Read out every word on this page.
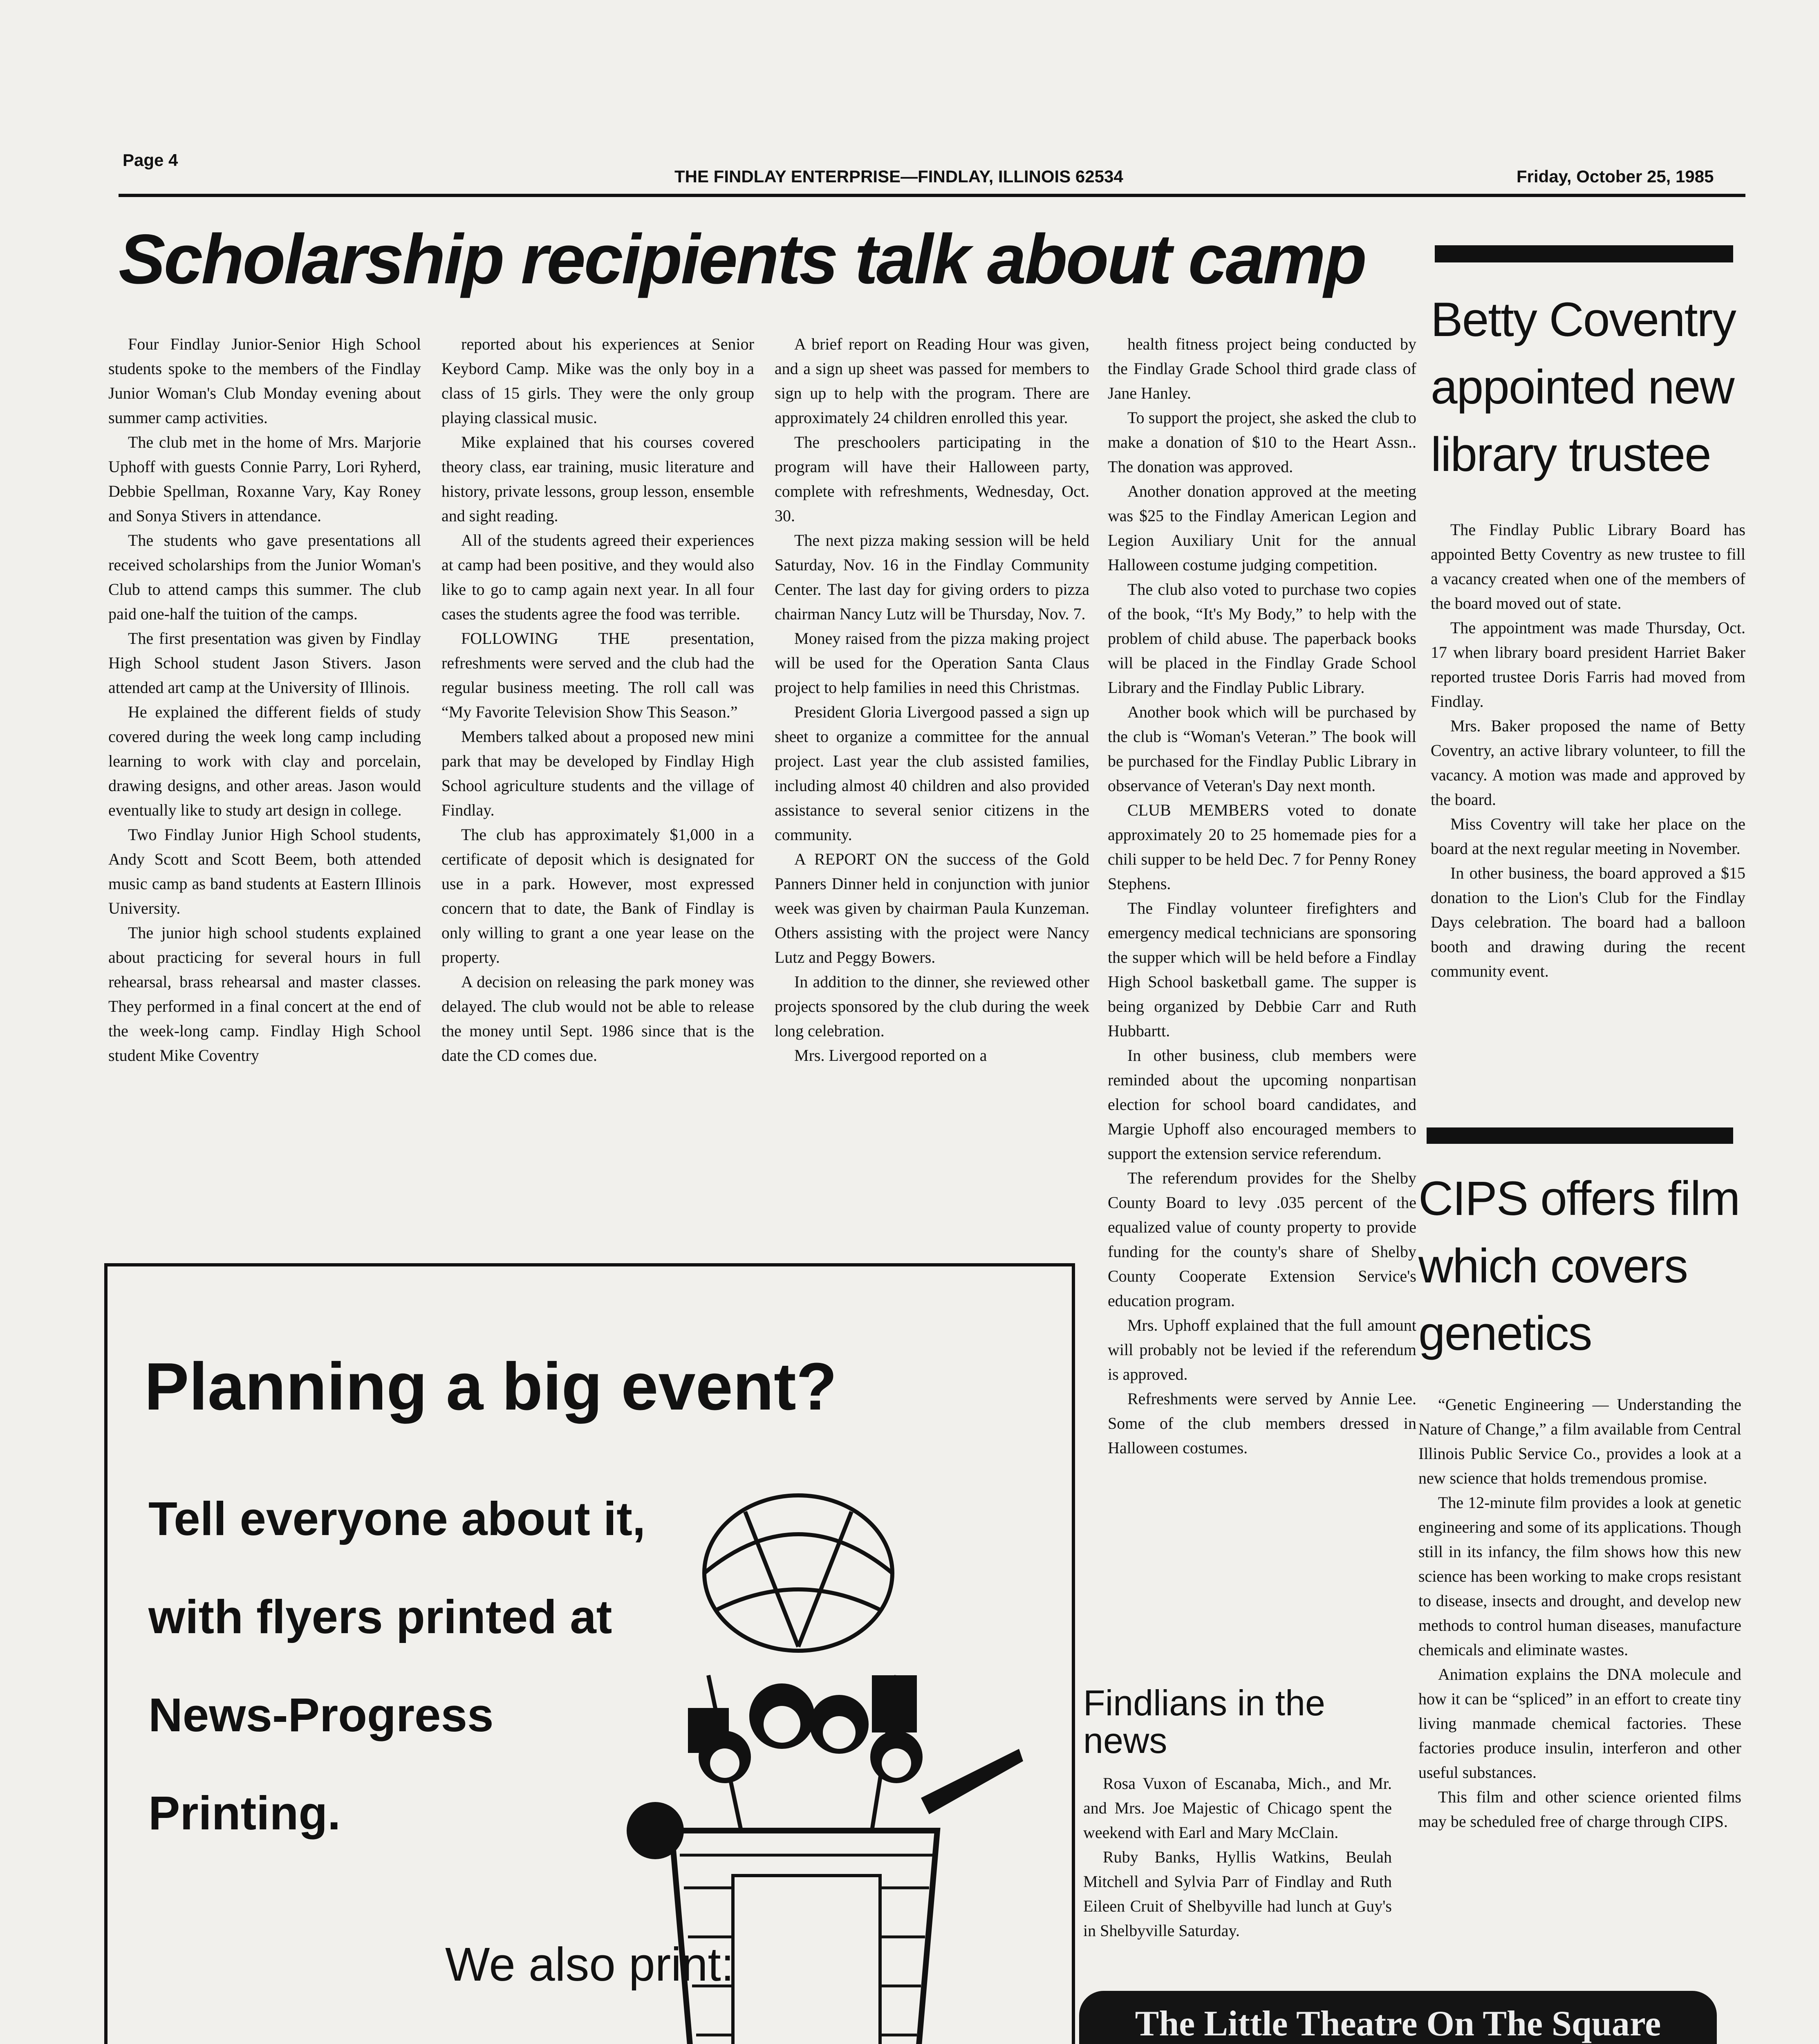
Page 4
THE FINDLAY ENTERPRISE—FINDLAY, ILLINOIS 62534	Friday, October 25, 1985
Scholarship recipients talk about camp

Four Findlay Junior-Senior High School students spoke to the members of the Findlay Junior Woman's Club Monday evening about summer camp activities.

The club met in the home of Mrs. Marjorie Uphoff with guests Connie Parry, Lori Ryherd, Debbie Spellman, Roxanne Vary, Kay Roney and Sonya Stivers in attendance.

The students who gave presentations all received scholarships from the Junior Woman's Club to attend camps this summer. The club paid one-half the tuition of the camps.

The first presentation was given by Findlay High School student Jason Stivers. Jason attended art camp at the University of Illinois.

He explained the different fields of study covered during the week long camp including learning to work with clay and porcelain, drawing designs, and other areas. Jason would eventually like to study art design in college.

Two Findlay Junior High School students, Andy Scott and Scott Beem, both attended music camp as band students at Eastern Illinois University.

The junior high school students explained about practicing for several hours in full rehearsal, brass rehearsal and master classes. They performed in a final concert at the end of the week-long camp. Findlay High School student Mike Coventry

reported about his experiences at Senior Keybord Camp. Mike was the only boy in a class of 15 girls. They were the only group playing classical music.

Mike explained that his courses covered theory class, ear training, music literature and history, private lessons, group lesson, ensemble and sight reading.

All of the students agreed their experiences at camp had been positive, and they would also like to go to camp again next year. In all four cases the students agree the food was terrible.

FOLLOWING THE presentation, refreshments were served and the club had the regular business meeting. The roll call was “My Favorite Television Show This Season.”

Members talked about a proposed new mini park that may be developed by Findlay High School agriculture students and the village of Findlay.

The club has approximately $1,000 in a certificate of deposit which is designated for use in a park. However, most expressed concern that to date, the Bank of Findlay is only willing to grant a one year lease on the property.

A decision on releasing the park money was delayed. The club would not be able to release the money until Sept. 1986 since that is the date the CD comes due.

A brief report on Reading Hour was given, and a sign up sheet was passed for members to sign up to help with the program. There are approximately 24 children enrolled this year.

The preschoolers participating in the program will have their Halloween party, complete with refreshments, Wednesday, Oct. 30.

The next pizza making session will be held Saturday, Nov. 16 in the Findlay Community Center. The last day for giving orders to pizza chairman Nancy Lutz will be Thursday, Nov. 7.

Money raised from the pizza making project will be used for the Operation Santa Claus project to help families in need this Christmas.

President Gloria Livergood passed a sign up sheet to organize a committee for the annual project. Last year the club assisted families, including almost 40 children and also provided assistance to several senior citizens in the community.

A REPORT ON the success of the Gold Panners Dinner held in conjunction with junior week was given by chairman Paula Kunzeman. Others assisting with the project were Nancy Lutz and Peggy Bowers.

In addition to the dinner, she reviewed other projects sponsored by the club during the week long celebration.

Mrs. Livergood reported on a

health fitness project being conducted by the Findlay Grade School third grade class of Jane Hanley.

To support the project, she asked the club to make a donation of $10 to the Heart Assn.. The donation was approved.

Another donation approved at the meeting was $25 to the Findlay American Legion and Legion Auxiliary Unit for the annual Halloween costume judging competition.

The club also voted to purchase two copies of the book, “It's My Body,” to help with the problem of child abuse. The paperback books will be placed in the Findlay Grade School Library and the Findlay Public Library.

Another book which will be purchased by the club is “Woman's Veteran.” The book will be purchased for the Findlay Public Library in observance of Veteran's Day next month.

CLUB MEMBERS voted to donate approximately 20 to 25 homemade pies for a chili supper to be held Dec. 7 for Penny Roney Stephens.

The Findlay volunteer firefighters and emergency medical technicians are sponsoring the supper which will be held before a Findlay High School basketball game. The supper is being organized by Debbie Carr and Ruth Hubbartt.

In other business, club members were reminded about the upcoming nonpartisan election for school board candidates, and Margie Uphoff also encouraged members to support the extension service referendum.

The referendum provides for the Shelby County Board to levy .035 percent of the equalized value of county property to provide funding for the county's share of Shelby County Cooperate Extension Service's education program.

Mrs. Uphoff explained that the full amount will probably not be levied if the referendum is approved.

Refreshments were served by Annie Lee. Some of the club members dressed in Halloween costumes.

Findlians in the news

Rosa Vuxon of Escanaba, Mich., and Mr. and Mrs. Joe Majestic of Chicago spent the weekend with Earl and Mary McClain.

Ruby Banks, Hyllis Watkins, Beulah Mitchell and Sylvia Parr of Findlay and Ruth Eileen Cruit of Shelbyville had lunch at Guy's in Shelbyville Saturday.

Betty Coventry appointed new library trustee

The Findlay Public Library Board has appointed Betty Coventry as new trustee to fill a vacancy created when one of the members of the board moved out of state.

The appointment was made Thursday, Oct. 17 when library board president Harriet Baker reported trustee Doris Farris had moved from Findlay.

Mrs. Baker proposed the name of Betty Coventry, an active library volunteer, to fill the vacancy. A motion was made and approved by the board.

Miss Coventry will take her place on the board at the next regular meeting in November.

In other business, the board approved a $15 donation to the Lion's Club for the Findlay Days celebration. The board had a balloon booth and drawing during the recent community event.

CIPS offers film which covers genetics

“Genetic Engineering — Understanding the Nature of Change,” a film available from Central Illinois Public Service Co., provides a look at a new science that holds tremendous promise.

The 12-minute film provides a look at genetic engineering and some of its applications. Though still in its infancy, the film shows how this new science has been working to make crops resistant to disease, insects and drought, and develop new methods to control human diseases, manufacture chemicals and eliminate wastes.

Animation explains the DNA molecule and how it can be “spliced” in an effort to create tiny living manmade chemical factories. These factories produce insulin, interferon and other useful substances.

This film and other science oriented films may be scheduled free of charge through CIPS.

Planning a big event?
Tell everyone about it,
with flyers printed at
News-Progress
Printing.
We also print:
The Little Theatre On The Square
